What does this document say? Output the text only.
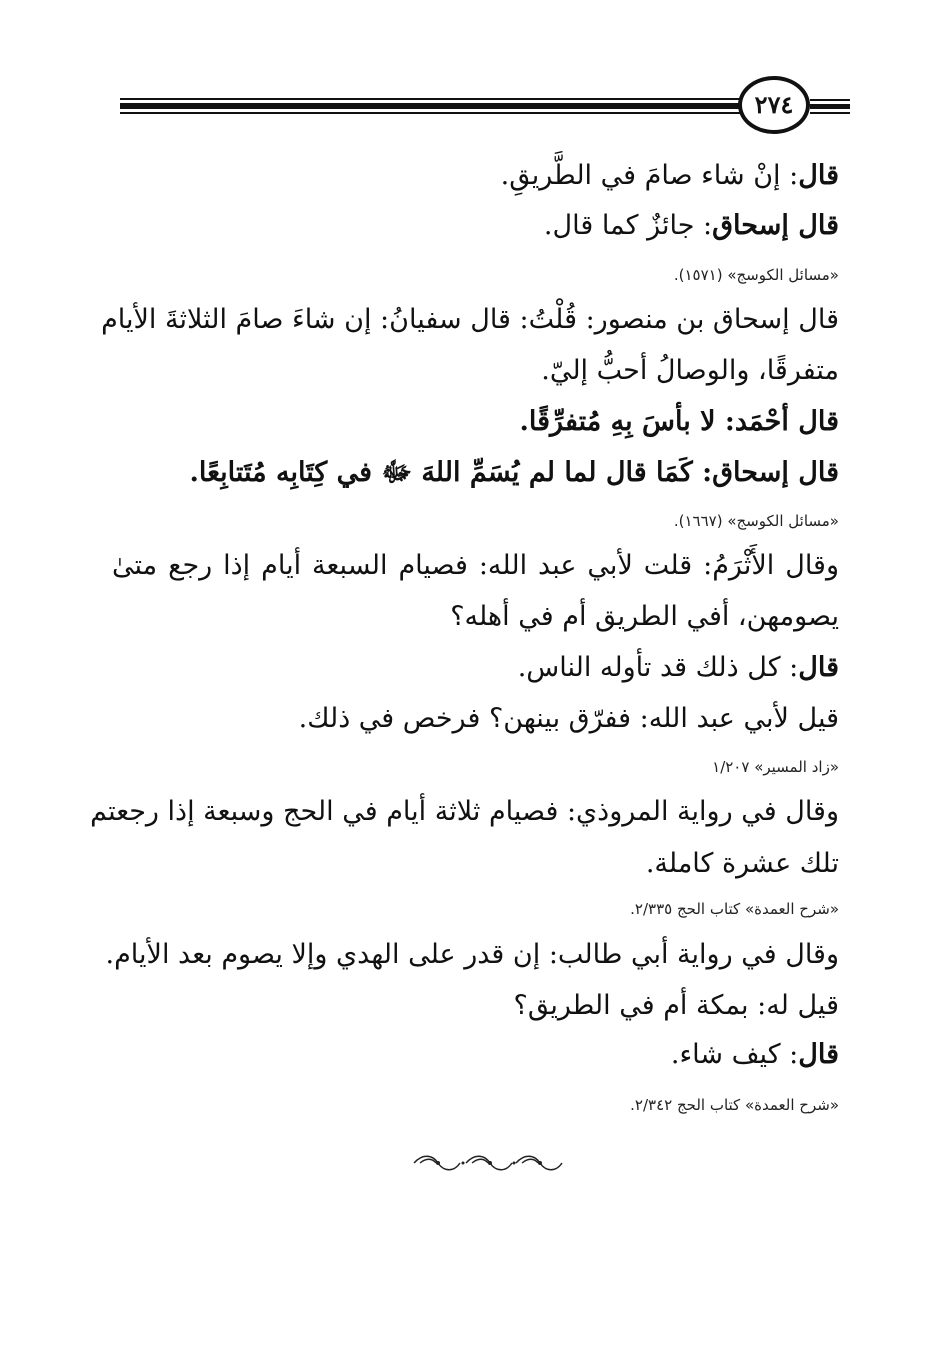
٢٧٤
قال: إنْ شاء صامَ في الطَّريقِ.
قال إسحاق: جائزٌ كما قال.
«مسائل الكوسج» (١٥٧١).
قال إسحاق بن منصور: قُلْتُ: قال سفيانُ: إن شاءَ صامَ الثلاثةَ الأيام
متفرقًا، والوصالُ أحبُّ إليّ.
قال أحْمَد: لا بأسَ بِهِ مُتفرِّقًا.
قال إسحاق: كَمَا قال لما لم يُسَمِّ اللهَ ﷻ في كِتَابِه مُتَتابِعًا.
«مسائل الكوسج» (١٦٦٧).
وقال الأَثْرَمُ: قلت لأبي عبد الله: فصيام السبعة أيام إذا رجع متىٰ
يصومهن، أفي الطريق أم في أهله؟
قال: كل ذلك قد تأوله الناس.
قيل لأبي عبد الله: ففرّق بينهن؟ فرخص في ذلك.
«زاد المسير» ١/٢٠٧
وقال في رواية المروذي: فصيام ثلاثة أيام في الحج وسبعة إذا رجعتم
تلك عشرة كاملة.
«شرح العمدة» كتاب الحج ٢/٣٣٥.
وقال في رواية أبي طالب: إن قدر على الهدي وإلا يصوم بعد الأيام.
قيل له: بمكة أم في الطريق؟
قال: كيف شاء.
«شرح العمدة» كتاب الحج ٢/٣٤٢.
